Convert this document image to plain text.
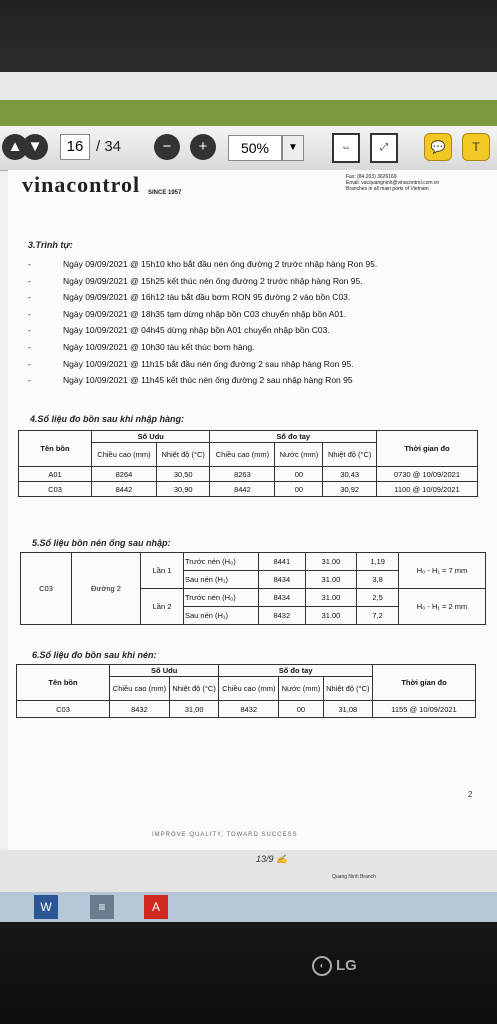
▲ ▼	16 / 34	−	+	50%	▼	⇔	⤢	💬	T
vinacontrol SINCE 1957
Fax: (84.203) 3626169
Email: vacquangninh@vinacontrol.com.vn
Branches in all main ports of Vietnam
3.Trình tự:
- Ngày 09/09/2021 @ 15h10 kho bắt đầu nén ống đường 2 trước nhập hàng Ron 95.
- Ngày 09/09/2021 @ 15h25 kết thúc nén ống đường 2 trước nhập hàng Ron 95.
- Ngày 09/09/2021 @ 16h12 tàu bắt đầu bơm RON 95 đường 2 vào bồn C03.
- Ngày 09/09/2021 @ 18h35 tạm dừng nhập bồn C03 chuyển nhập bồn A01.
- Ngày 10/09/2021 @ 04h45 dừng nhập bồn A01 chuyển nhập bồn C03.
- Ngày 10/09/2021 @ 10h30 tàu kết thúc bơm hàng.
- Ngày 10/09/2021 @ 11h15 bắt đầu nén ống đường 2 sau nhập hàng Ron 95.
- Ngày 10/09/2021 @ 11h45 kết thúc nén ống đường 2 sau nhập hàng Ron 95
4.Số liệu đo bồn sau khi nhập hàng:
Tên bồn	Số Udu		Số đo tay			Thời gian đo
	Chiều cao (mm)	Nhiệt độ (°C)	Chiều cao (mm)	Nước (mm)	Nhiệt độ (°C)	
A01	8264	30,50	8263	00	30,43	0730 @ 10/09/2021
C03	8442	30,90	8442	00	30,92	1100 @ 10/09/2021
5.Số liệu bồn nén ống sau nhập:
C03	Đường 2	Lần 1	Trước nén (H₀)	8441	31.00	1,19	H₀ - H₁ = 7 mm
			Sau nén (H₁)	8434	31.00	3,8	
		Lần 2	Trước nén (H₀)	8434	31.00	2,5	H₀ - H₁ = 2 mm
			Sau nén (H₁)	8432	31.00	7,2	
6.Số liệu đo bồn sau khi nén:
Tên bồn	Số Udu		Số đo tay			Thời gian đo
	Chiều cao (mm)	Nhiệt độ (°C)	Chiều cao (mm)	Nước (mm)	Nhiệt độ (°C)	
C03	8432	31,00	8432	00	31,08	1155 @ 10/09/2021
2
IMPROVE QUALITY, TOWARD SUCCESS
13/9 ✍
Quang Ninh Branch
W	≡	A
◐ LG
